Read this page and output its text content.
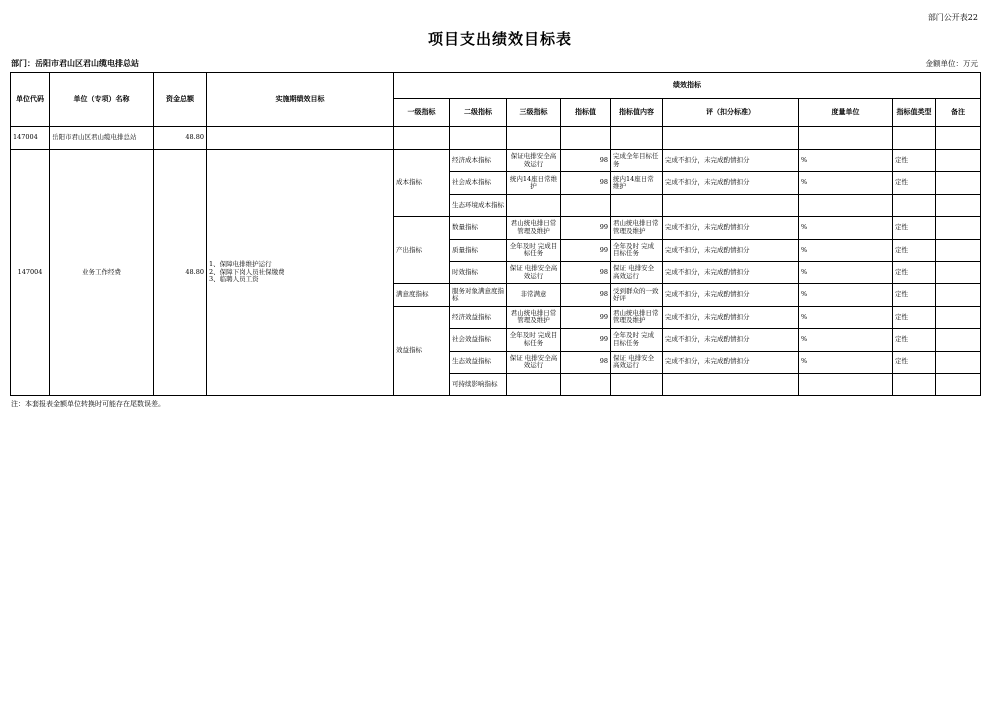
部门公开表22
项目支出绩效目标表
部门：岳阳市君山区君山缆电排总站	金额单位：万元
单位代码	单位（专项）名称	资金总额	实施期绩效目标	绩效指标								
				一级指标	二级指标	三级指标	指标值	指标值内容	评（扣分标准）	度量单位	指标值类型	备注
147004	岳阳市君山区君山缆电排总站	48.80										
147004	业务工作经费	48.80	1、保障电排维护运行
2、保障下岗人员社保缴费
3、临聘人员工资	成本指标	经济成本指标	保证电排安全高效运行	98	完成全年目标任务	完成不扣分，未完成酌情扣分	%	定性	
					社会成本指标	统内14座日常维护	98	统内14座日常维护	完成不扣分，未完成酌情扣分	%	定性	
					生态环境成本指标							
				产出指标	数量指标	君山统电排日常管理及维护	99	君山统电排日常管理及维护	完成不扣分，未完成酌情扣分	%	定性	
					质量指标	全年及时 完成目标任务	99	全年及时 完成目标任务	完成不扣分，未完成酌情扣分	%	定性	
					时效指标	保证 电排安全高效运行	98	保证 电排安全高效运行	完成不扣分，未完成酌情扣分	%	定性	
				满意度指标	服务对象满意度指标	非常满意	98	受到群众的一致好评	完成不扣分，未完成酌情扣分	%	定性	
				效益指标	经济效益指标	君山统电排日常管理及维护	99	君山统电排日常管理及维护	完成不扣分，未完成酌情扣分	%	定性	
					社会效益指标	全年及时 完成目标任务	99	全年及时 完成目标任务	完成不扣分，未完成酌情扣分	%	定性	
					生态效益指标	保证 电排安全高效运行	98	保证 电排安全高效运行	完成不扣分，未完成酌情扣分	%	定性	
					可持续影响指标							
注：本套报表金额单位转换时可能存在尾数误差。
